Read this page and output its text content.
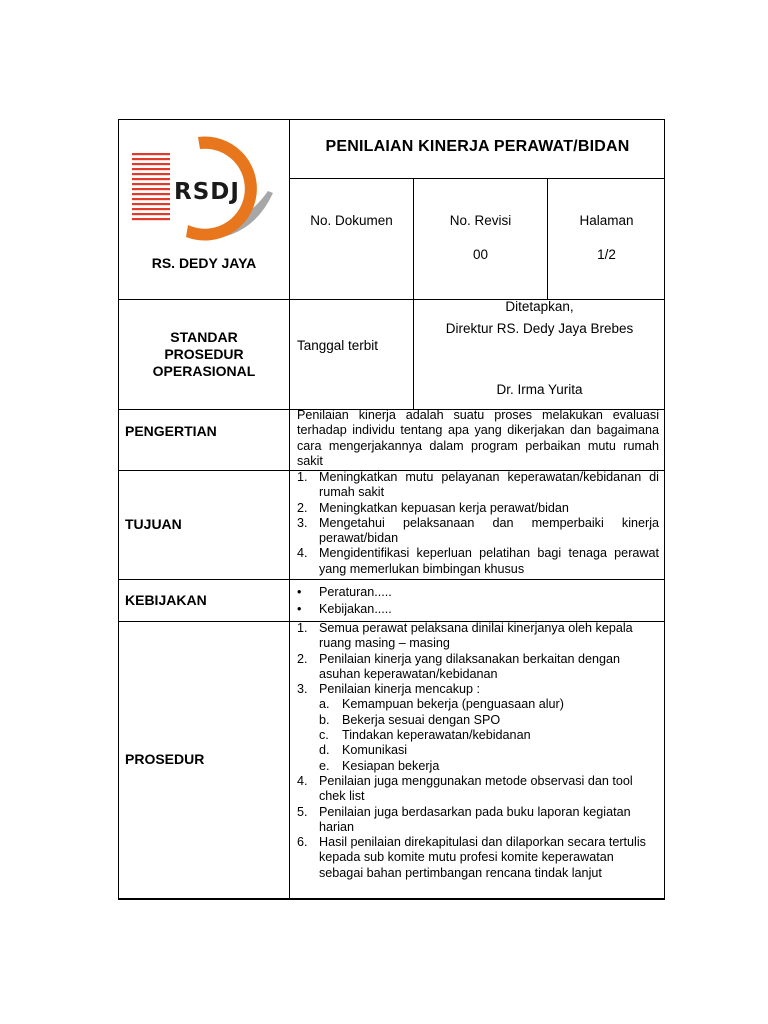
RSDJ
RS. DEDY JAYA
PENILAIAN KINERJA PERAWAT/BIDAN
No. Dokumen	No. Revisi
00
Halaman
1/2
STANDAR
PROSEDUR
OPERASIONAL
Tanggal terbit
Ditetapkan,
Direktur RS. Dedy Jaya Brebes
Dr. Irma Yurita
PENGERTIAN
Penilaian kinerja adalah suatu proses melakukan evaluasi terhadap individu tentang apa yang dikerjakan dan bagaimana cara mengerjakannya dalam program perbaikan mutu rumah sakit
TUJUAN
1. Meningkatkan mutu pelayanan keperawatan/kebidanan di rumah sakit
2. Meningkatkan kepuasan kerja perawat/bidan
3. Mengetahui pelaksanaan dan memperbaiki kinerja perawat/bidan
4. Mengidentifikasi keperluan pelatihan bagi tenaga perawat yang memerlukan bimbingan khusus
KEBIJAKAN	• Peraturan.....
• Kebijakan.....
PROSEDUR
1. Semua perawat pelaksana dinilai kinerjanya oleh kepala ruang masing – masing
2. Penilaian kinerja yang dilaksanakan berkaitan dengan asuhan keperawatan/kebidanan
3. Penilaian kinerja mencakup :
a. Kemampuan bekerja (penguasaan alur)
b. Bekerja sesuai dengan SPO
c. Tindakan keperawatan/kebidanan
d. Komunikasi
e. Kesiapan bekerja
4. Penilaian juga menggunakan metode observasi dan tool chek list
5. Penilaian juga berdasarkan pada buku laporan kegiatan harian
6. Hasil penilaian direkapitulasi dan dilaporkan secara tertulis kepada sub komite mutu profesi komite keperawatan sebagai bahan pertimbangan rencana tindak lanjut
